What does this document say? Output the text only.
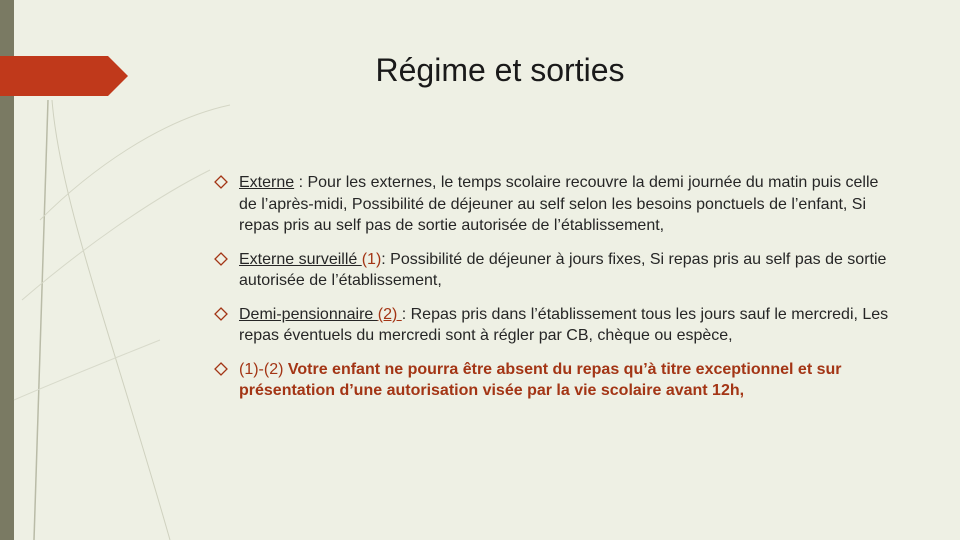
Régime et sorties
Externe : Pour les externes, le temps scolaire recouvre la demi journée du matin puis celle de l’après-midi, Possibilité de déjeuner au self selon les besoins ponctuels de l’enfant, Si repas pris au self pas de sortie autorisée de l’établissement,
Externe surveillé (1): Possibilité de déjeuner à jours fixes, Si repas pris au self pas de sortie autorisée de l’établissement,
Demi-pensionnaire (2) : Repas pris dans l’établissement tous les jours sauf le mercredi, Les repas éventuels du mercredi sont à régler par CB, chèque ou espèce,
(1)-(2) Votre enfant ne pourra être absent du repas qu’à titre exceptionnel et sur présentation d’une autorisation visée par la vie scolaire avant 12h,
